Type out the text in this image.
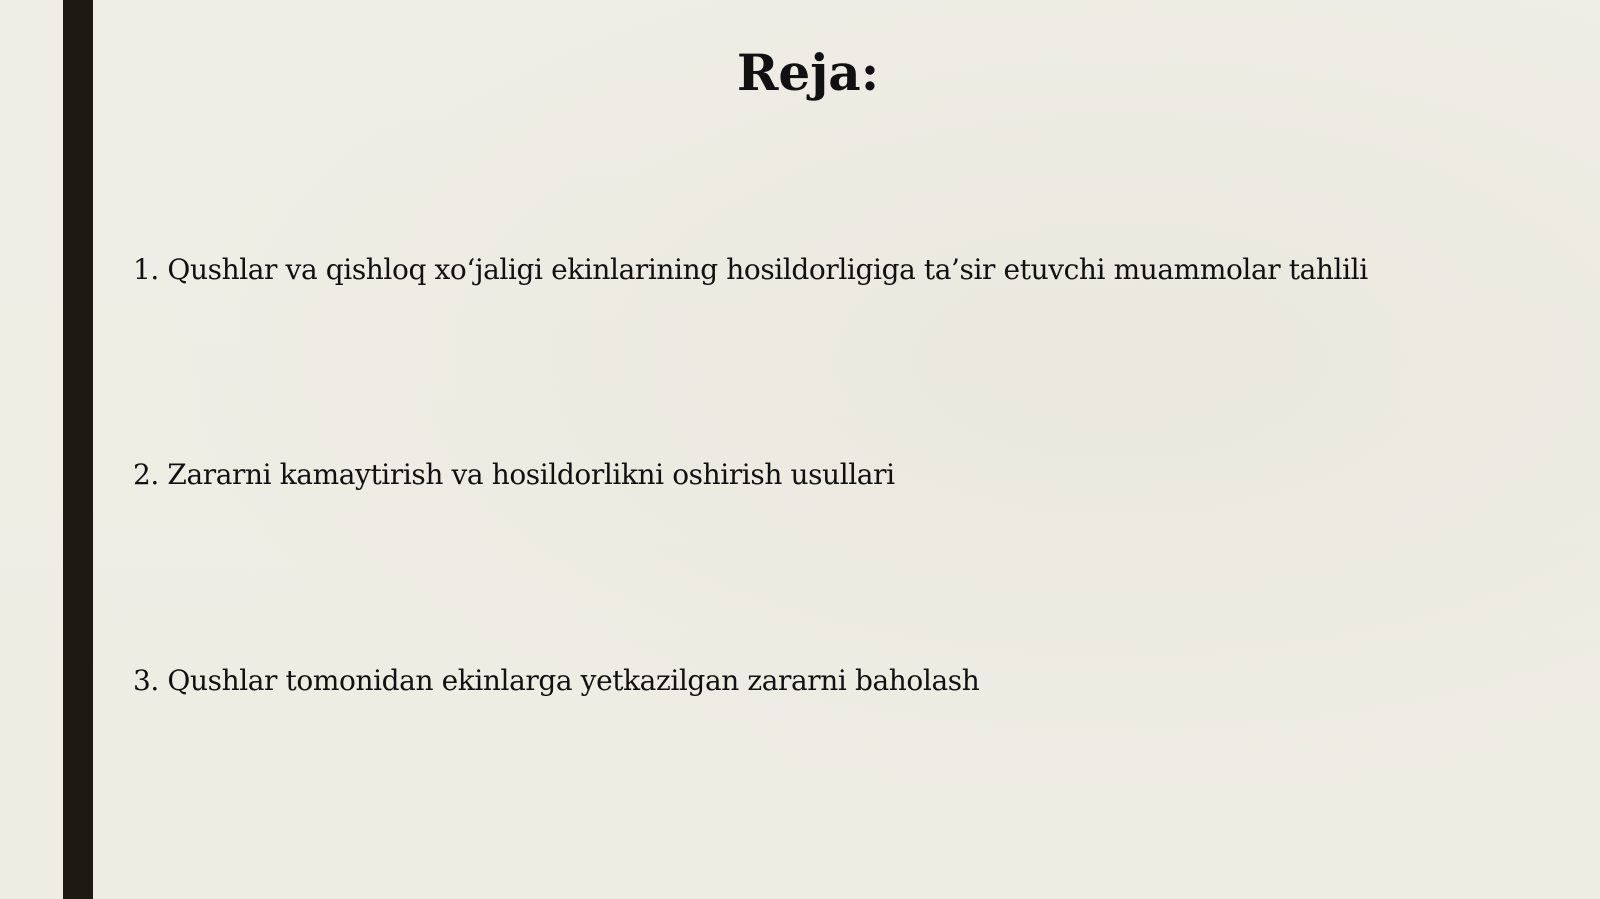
Reja:
1. Qushlar va qishloq xo‘jaligi ekinlarining hosildorligiga ta’sir etuvchi muammolar tahlili
2. Zararni kamaytirish va hosildorlikni oshirish usullari
3. Qushlar tomonidan ekinlarga yetkazilgan zararni baholash
